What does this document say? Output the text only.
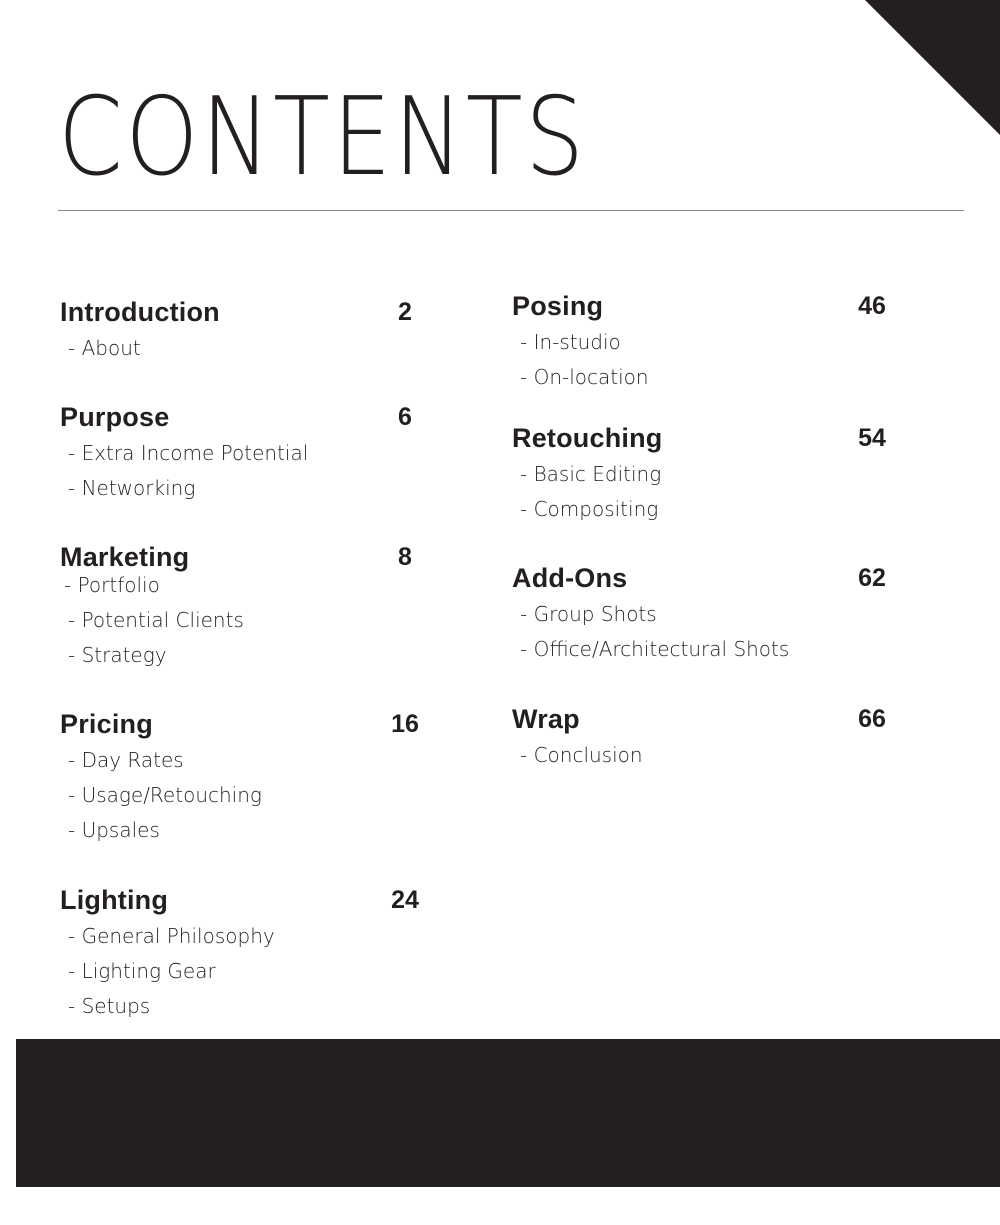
CONTENTS
Introduction	2
- About
Purpose	6
- Extra Income Potential
- Networking
Marketing	8
- Portfolio
- Potential Clients
- Strategy
Pricing	16
- Day Rates
- Usage/Retouching
- Upsales
Lighting	24
- General Philosophy
- Lighting Gear
- Setups
Posing	46
- In-studio
- On-location
Retouching	54
- Basic Editing
- Compositing
Add-Ons	62
- Group Shots
- Office/Architectural Shots
Wrap	66
- Conclusion
